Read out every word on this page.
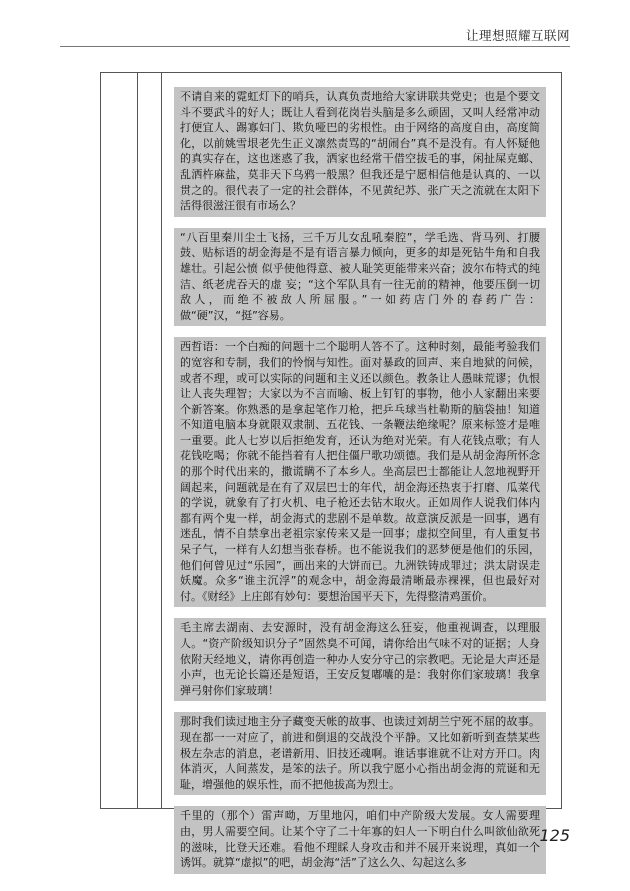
让理想照耀互联网

不请自来的霓虹灯下的哨兵，认真负责地给大家讲联共党史；也是个要文斗不要武斗的好人；既让人看到花岗岩头脑是多么顽固，又叫人经常冲动打便宜人、踢寡妇门、欺负哑巴的劣根性。由于网络的高度自由，高度简化，以前姚雪垠老先生正义凛然责骂的“胡闹台”真不是没有。有人怀疑他的真实存在，这也迷惑了我，洒家也经常干借空拔毛的事，闲扯屎克螂、乱洒杵麻盐，莫非天下乌鸦一般黑？但我还是宁愿相信他是认真的、一以贯之的。很代表了一定的社会群体，不见黄纪苏、张广天之流就在太阳下活得很滋汪很有市场么？

“八百里秦川尘土飞扬，三千万儿女乱吼秦腔”，学毛选、背马列、打腰鼓、贴标语的胡金海是不是有语言暴力倾向，更多的却是死钻牛角和自我雄壮。引起公愤 似乎使他得意、被人耻笑更能带来兴奋；波尔布特式的纯洁、纸老虎吞天的虚 妄；“这个军队具有一往无前的精神，他要压倒一切敌人，而绝不被敌人所屈服。”一如药店门外的春药广告：做“硬”汉，“挺”容易。

西哲语：一个白痴的问题十二个聪明人答不了。这种时刻，最能考验我们的宽容和专制，我们的怜悯与知性。面对暴政的回声、来自地狱的问候，或者不理，或可以实际的问题和主义还以颜色。教条让人愚昧荒谬；仇恨让人丧失理智；大家以为不言而喻、板上钉钉的事物，他小人家翻出来要个新答案。你熟悉的是拿起笔作刀枪，把乒乓球当杜勒斯的脑袋抽！知道不知道电脑本身就限双隶制、五花钱、一条鞭法绝缘呢？原来标签才是唯一重要。此人七岁以后拒绝发育，还认为绝对光荣。有人花钱点歌；有人花钱吃喝；你就不能挡着有人把住僵尸歌功颂德。我们是从胡金海所怀念的那个时代出来的，撒谎瞒不了本乡人。坐高层巴士都能让人忽地视野开阔起来，问题就是在有了双层巴士的年代，胡金海还热衷于打磨、瓜菜代的学说，就象有了打火机、电子枪还去钻木取火。正如周作人说我们体内都有两个鬼一样，胡金海式的悲剧不是单数。故意演反派是一回事，遇有迷乱，情不自禁拿出老祖宗家传来又是一回事；虚拟空间里，有人重复书呆子气，一样有人幻想当张春桥。也不能说我们的恶梦便是他们的乐园，他们何曾见过“乐园”，画出来的大饼而已。九洲铁铸成罪过；洪太尉误走妖魔。众多“谁主沉浮”的观念中，胡金海最清晰最赤裸裸，但也最好对付。《财经》上庄郎有妙句：要想治国平天下，先得整清鸡蛋价。

毛主席去湖南、去安源时，没有胡金海这么狂妄，他重视调查，以理服人。“资产阶级知识分子”固然臭不可闻，请你给出气味不对的证据；人身依附天经地义，请你再创造一种办人安分守己的宗教吧。无论是大声还是小声，也无论长篇还是短语，王安反复嘟囔的是：我射你们家玻璃！我拿弹弓射你们家玻璃！

那时我们读过地主分子藏变天帐的故事、也读过刘胡兰宁死不屈的故事。现在都一一对应了，前进和倒退的交战没个平静。又比如新听到查禁某些极左杂志的消息，老谱新用、旧技还魂啊。谁话事谁就不让对方开口。肉体消灭，人间蒸发，是笨的法子。所以我宁愿小心指出胡金海的荒诞和无耻，增强他的娱乐性，而不把他拔高为烈士。

千里的（那个）雷声呦，万里地闪，咱们中产阶级大发展。女人需要理由，男人需要空间。让某个守了二十年寡的妇人一下明白什么叫欲仙欲死的滋味，比登天还难。看他不理睬人身攻击和并不展开来说理，真如一个诱饵。就算“虚拟”的吧，胡金海“活”了这么久、勾起这么多

125
